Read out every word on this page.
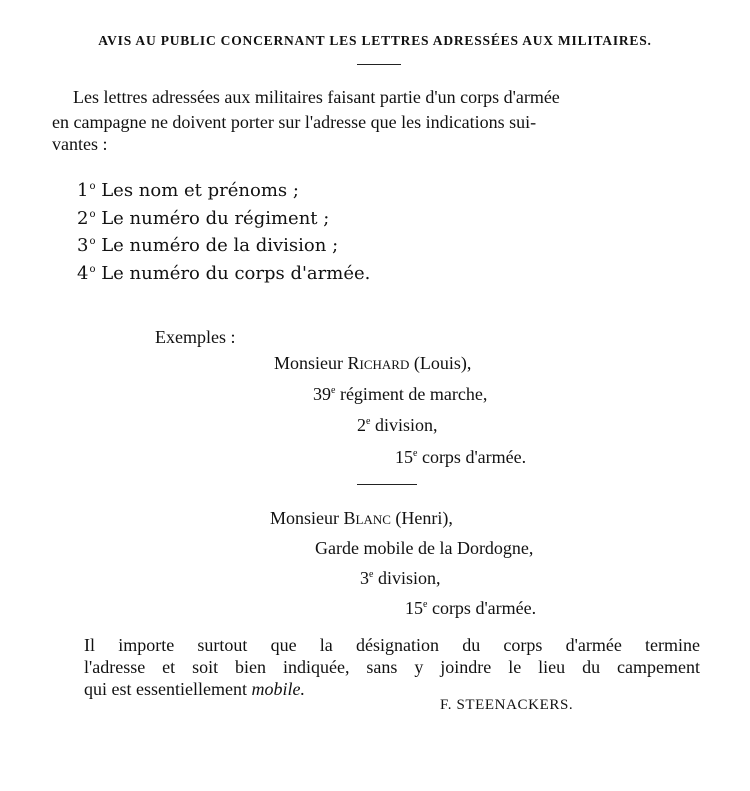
AVIS AU PUBLIC CONCERNANT LES LETTRES ADRESSÉES AUX MILITAIRES.
Les lettres adressées aux militaires faisant partie d'un corps d'armée
en campagne ne doivent porter sur l'adresse que les indications sui-
vantes :
1$^o$ Les nom et prénoms ;
2$^o$ Le numéro du régiment ;
3$^o$ Le numéro de la division ;
4$^o$ Le numéro du corps d'armée.
Exemples :
Monsieur Richard (Louis),
39e régiment de marche,
2e division,
15e corps d'armée.
Monsieur Blanc (Henri),
Garde mobile de la Dordogne,
3e division,
15e corps d'armée.
Il importe surtout que la désignation du corps d'armée termine
l'adresse et soit bien indiquée, sans y joindre le lieu du campement
qui est essentiellement mobile.
F. STEENACKERS.
